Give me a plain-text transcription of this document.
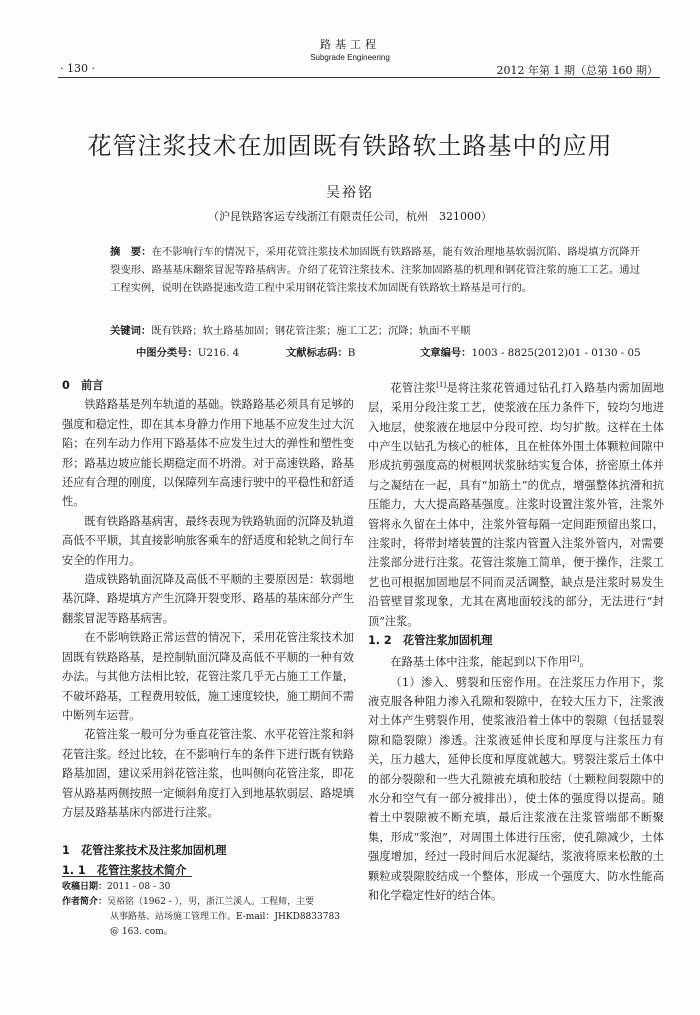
· 130 ·
路基工程
Subgrade Engineering
2012 年第 1 期（总第 160 期）
花管注浆技术在加固既有铁路软土路基中的应用
吴裕铭
（沪昆铁路客运专线浙江有限责任公司，杭州　321000）
摘　要：在不影响行车的情况下，采用花管注浆技术加固既有铁路路基，能有效治理地基软弱沉陷、路堤填方沉降开裂变形、路基基床翻浆冒泥等路基病害。介绍了花管注浆技术、注浆加固路基的机理和钢花管注浆的施工工艺。通过工程实例，说明在铁路提速改造工程中采用钢花管注浆技术加固既有铁路软土路基是可行的。
关键词：既有铁路；软土路基加固；钢花管注浆；施工工艺；沉降；轨面不平顺
中图分类号：U216. 4	文献标志码：B	文章编号：1003 - 8825(2012)01 - 0130 - 05

0　前言

铁路路基是列车轨道的基础。铁路路基必须具有足够的强度和稳定性，即在其本身静力作用下地基不应发生过大沉陷；在列车动力作用下路基体不应发生过大的弹性和塑性变形；路基边坡应能长期稳定而不坍滑。对于高速铁路，路基还应有合理的刚度，以保障列车高速行驶中的平稳性和舒适性。

既有铁路路基病害，最终表现为铁路轨面的沉降及轨道高低不平顺，其直接影响旅客乘车的舒适度和轮轨之间行车安全的作用力。

造成铁路轨面沉降及高低不平顺的主要原因是：软弱地基沉降、路堤填方产生沉降开裂变形、路基的基床部分产生翻浆冒泥等路基病害。

在不影响铁路正常运营的情况下，采用花管注浆技术加固既有铁路路基，是控制轨面沉降及高低不平顺的一种有效办法。与其他方法相比较，花管注浆几乎无占施工工作量，不破坏路基，工程费用较低，施工速度较快，施工期间不需中断列车运营。

花管注浆一般可分为垂直花管注浆、水平花管注浆和斜花管注浆。经过比较，在不影响行车的条件下进行既有铁路路基加固，建议采用斜花管注浆，也叫侧向花管注浆，即花管从路基两侧按照一定倾斜角度打入到地基软弱层、路堤填方层及路基基床内部进行注浆。

1　花管注浆技术及注浆加固机理

1. 1　花管注浆技术简介

收稿日期：2011 - 08 - 30
作者简介：吴裕铭（1962 - ），男，浙江兰溪人。工程师，主要
从事路基、站场施工管理工作。E-mail：JHKD8833783
@ 163. com。

花管注浆[1]是将注浆花管通过钻孔打入路基内需加固地层，采用分段注浆工艺，使浆液在压力条件下，较均匀地进入地层，使浆液在地层中分段可控、均匀扩散。这样在土体中产生以钻孔为核心的桩体，且在桩体外围土体颗粒间隙中形成抗剪强度高的树根网状浆脉结实复合体，挤密原土体并与之凝结在一起，具有“加筋土”的优点，增强整体抗滑和抗压能力，大大提高路基强度。注浆时设置注浆外管，注浆外管将永久留在土体中，注浆外管每隔一定间距预留出浆口，注浆时，将带封堵装置的注浆内管置入注浆外管内，对需要注浆部分进行注浆。花管注浆施工简单，便于操作，注浆工艺也可根据加固地层不同而灵活调整，缺点是注浆时易发生沿管壁冒浆现象，尤其在离地面较浅的部分，无法进行“封顶”注浆。

1. 2　花管注浆加固机理

在路基土体中注浆，能起到以下作用[2]。

（1）渗入、劈裂和压密作用。在注浆压力作用下，浆液克服各种阻力渗入孔隙和裂隙中，在较大压力下，注浆液对土体产生劈裂作用，使浆液沿着土体中的裂隙（包括显裂隙和隐裂隙）渗透。注浆液延伸长度和厚度与注浆压力有关，压力越大，延伸长度和厚度就越大。劈裂注浆后土体中的部分裂隙和一些大孔隙被充填和胶结（土颗粒间裂隙中的水分和空气有一部分被排出），使土体的强度得以提高。随着土中裂隙被不断充填，最后注浆液在注浆管端部不断聚集，形成“浆泡”，对周围土体进行压密，使孔隙减少，土体强度增加，经过一段时间后水泥凝结，浆液将原来松散的土颗粒或裂隙胶结成一个整体，形成一个强度大、防水性能高和化学稳定性好的结合体。
